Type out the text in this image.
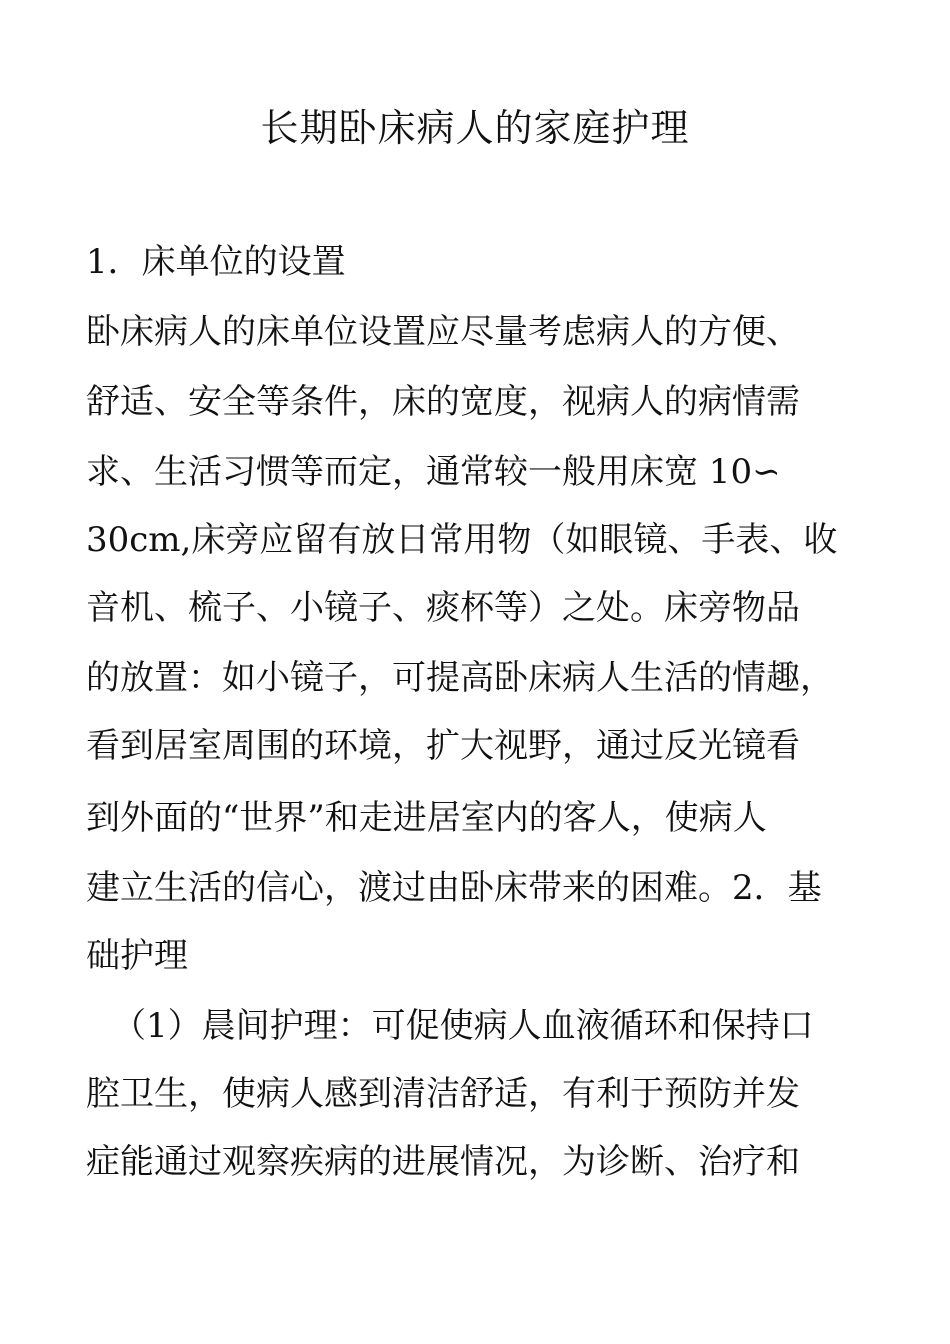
长期卧床病人的家庭护理

1．床单位的设置

卧床病人的床单位设置应尽量考虑病人的方便、

舒适、安全等条件，床的宽度，视病人的病情需

求、生活习惯等而定，通常较一般用床宽 10∽

30cm,床旁应留有放日常用物（如眼镜、手表、收

音机、梳子、小镜子、痰杯等）之处。床旁物品

的放置：如小镜子，可提高卧床病人生活的情趣，

看到居室周围的环境，扩大视野，通过反光镜看

到外面的“世界”和走进居室内的客人，使病人

建立生活的信心，渡过由卧床带来的困难。2．基

础护理

（1）晨间护理：可促使病人血液循环和保持口

腔卫生，使病人感到清洁舒适，有利于预防并发

症能通过观察疾病的进展情况，为诊断、治疗和
